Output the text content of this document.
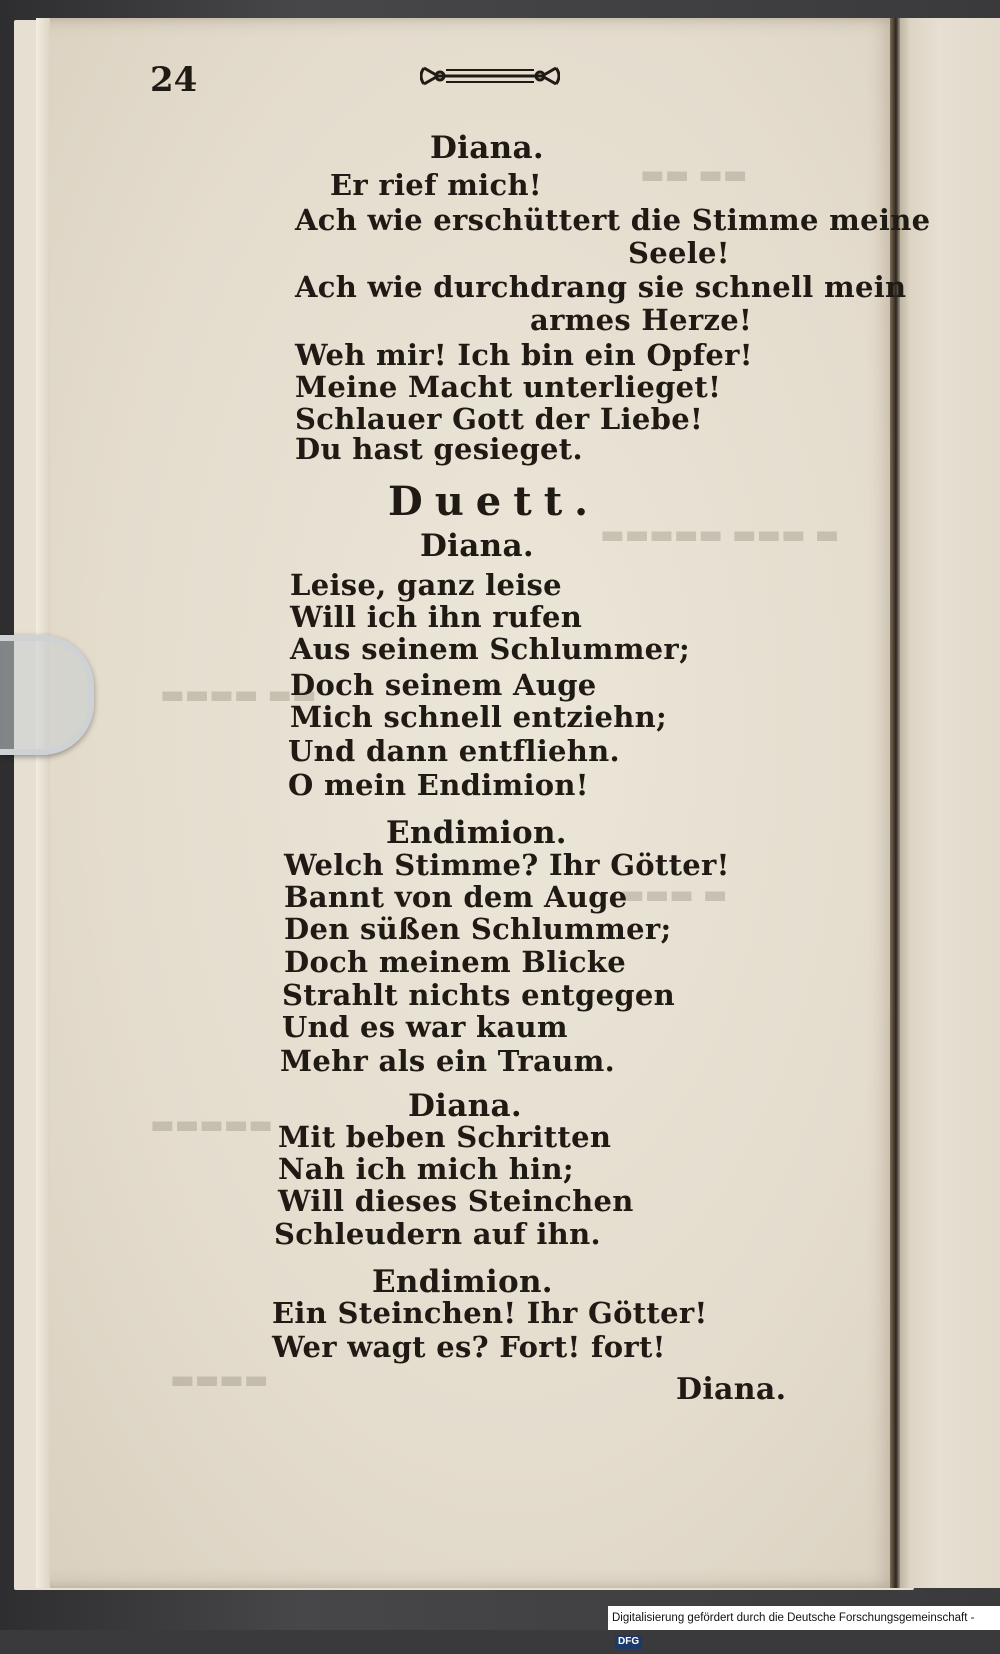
▬▬ ▬▬
▬▬▬▬▬ ▬▬▬ ▬
▬▬▬▬ ▬▬
▬▬▬ ▬
▬▬▬▬▬
▬▬▬▬
24
Diana.
Er rief mich!
Ach wie erschüttert die Stimme meine
Seele!
Ach wie durchdrang sie schnell mein
armes Herze!
Weh mir! Ich bin ein Opfer!
Meine Macht unterlieget!
Schlauer Gott der Liebe!
Du hast gesieget.
Duett.
Diana.
Leise, ganz leise
Will ich ihn rufen
Aus seinem Schlummer;
Doch seinem Auge
Mich schnell entziehn;
Und dann entfliehn.
O mein Endimion!
Endimion.
Welch Stimme? Ihr Götter!
Bannt von dem Auge
Den süßen Schlummer;
Doch meinem Blicke
Strahlt nichts entgegen
Und es war kaum
Mehr als ein Traum.
Diana.
Mit beben Schritten
Nah ich mich hin;
Will dieses Steinchen
Schleudern auf ihn.
Endimion.
Ein Steinchen! Ihr Götter!
Wer wagt es? Fort! fort!
Diana.
Digitalisierung gefördert durch die Deutsche Forschungsgemeinschaft - DFG
